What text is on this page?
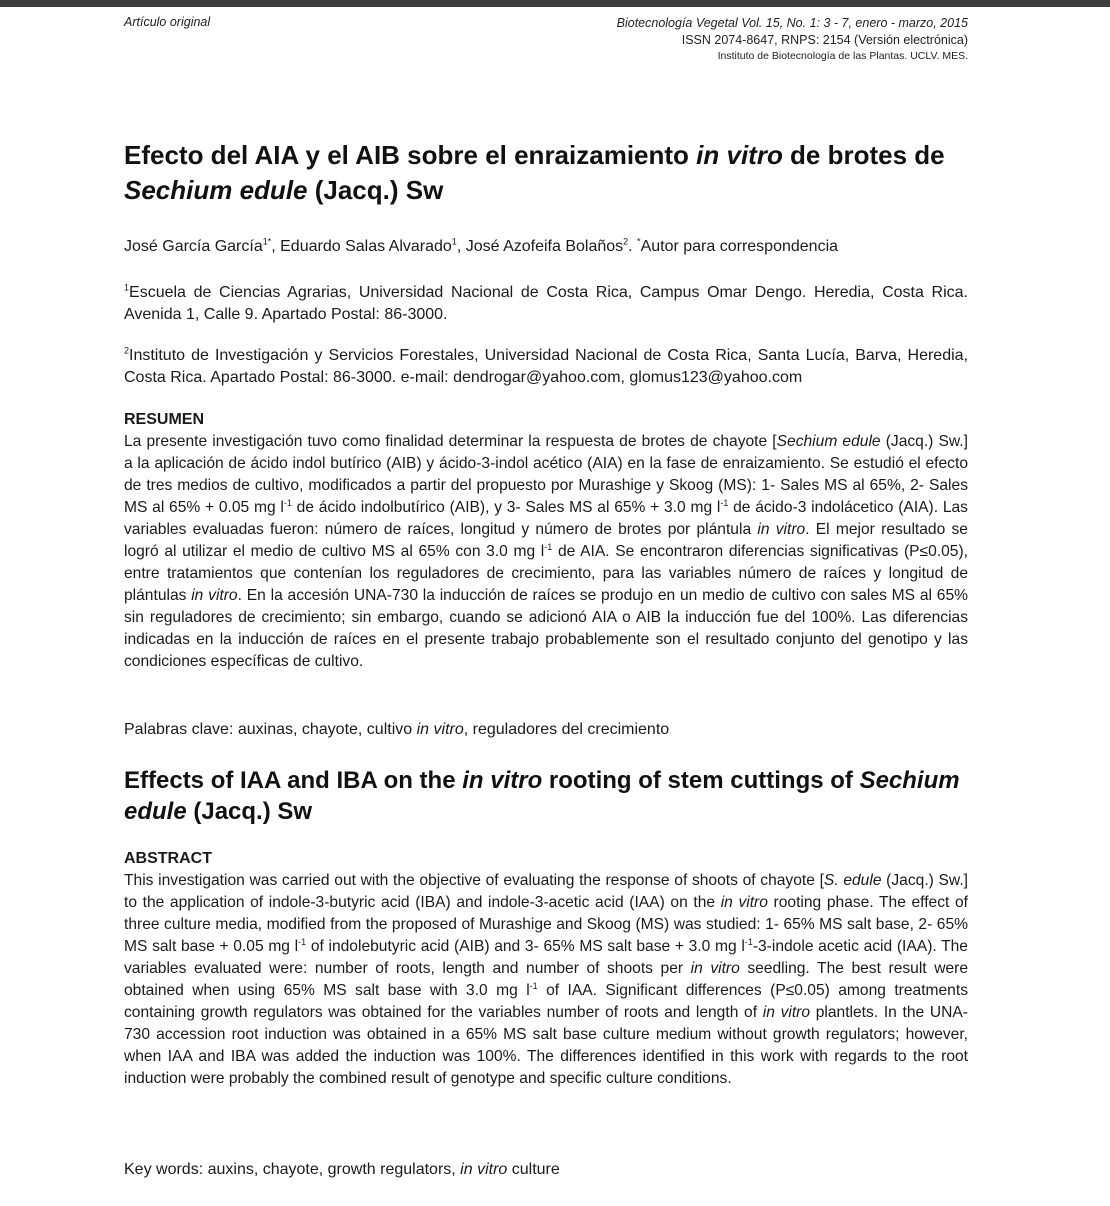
Artículo original	Biotecnología Vegetal Vol. 15, No. 1: 3 - 7, enero - marzo, 2015
ISSN 2074-8647, RNPS: 2154 (Versión electrónica)
Instituto de Biotecnología de las Plantas. UCLV. MES.
Efecto del AIA y el AIB sobre el enraizamiento in vitro de brotes de Sechium edule (Jacq.) Sw
José García García$^{1*}$, Eduardo Salas Alvarado$^1$, José Azofeifa Bolaños$^2$. *Autor para correspondencia
$^1$Escuela de Ciencias Agrarias, Universidad Nacional de Costa Rica, Campus Omar Dengo. Heredia, Costa Rica. Avenida 1, Calle 9. Apartado Postal: 86-3000.
$^2$Instituto de Investigación y Servicios Forestales, Universidad Nacional de Costa Rica, Santa Lucía, Barva, Heredia, Costa Rica. Apartado Postal: 86-3000. e-mail: dendrogar@yahoo.com, glomus123@yahoo.com
RESUMEN
La presente investigación tuvo como finalidad determinar la respuesta de brotes de chayote [Sechium edule (Jacq.) Sw.] a la aplicación de ácido indol butírico (AIB) y ácido-3-indol acético (AIA) en la fase de enraizamiento. Se estudió el efecto de tres medios de cultivo, modificados a partir del propuesto por Murashige y Skoog (MS): 1- Sales MS al 65%, 2- Sales MS al 65% + 0.05 mg $l^{-1}$ de ácido indolbutírico (AIB), y 3- Sales MS al 65% + 3.0 mg $l^{-1}$ de ácido-3 indolácetico (AIA). Las variables evaluadas fueron: número de raíces, longitud y número de brotes por plántula in vitro. El mejor resultado se logró al utilizar el medio de cultivo MS al 65% con 3.0 mg $l^{-1}$ de AIA. Se encontraron diferencias significativas (P≤0.05), entre tratamientos que contenían los reguladores de crecimiento, para las variables número de raíces y longitud de plántulas in vitro. En la accesión UNA-730 la inducción de raíces se produjo en un medio de cultivo con sales MS al 65% sin reguladores de crecimiento; sin embargo, cuando se adicionó AIA o AIB la inducción fue del 100%. Las diferencias indicadas en la inducción de raíces en el presente trabajo probablemente son el resultado conjunto del genotipo y las condiciones específicas de cultivo.
Palabras clave: auxinas, chayote, cultivo in vitro, reguladores del crecimiento
Effects of IAA and IBA on the in vitro rooting of stem cuttings of Sechium edule (Jacq.) Sw
ABSTRACT
This investigation was carried out with the objective of evaluating the response of shoots of chayote [S. edule (Jacq.) Sw.] to the application of indole-3-butyric acid (IBA) and indole-3-acetic acid (IAA) on the in vitro rooting phase. The effect of three culture media, modified from the proposed of Murashige and Skoog (MS) was studied: 1- 65% MS salt base, 2- 65% MS salt base + 0.05 mg $l^{-1}$ of indolebutyric acid (AIB) and 3- 65% MS salt base + 3.0 mg $l^{-1}-3$-indole acetic acid (IAA). The variables evaluated were: number of roots, length and number of shoots per in vitro seedling. The best result were obtained when using 65% MS salt base with 3.0 mg $l^{-1}$ of IAA. Significant differences (P≤0.05) among treatments containing growth regulators was obtained for the variables number of roots and length of in vitro plantlets. In the UNA-730 accession root induction was obtained in a 65% MS salt base culture medium without growth regulators; however, when IAA and IBA was added the induction was 100%. The differences identified in this work with regards to the root induction were probably the combined result of genotype and specific culture conditions.
Key words: auxins, chayote, growth regulators, in vitro culture
